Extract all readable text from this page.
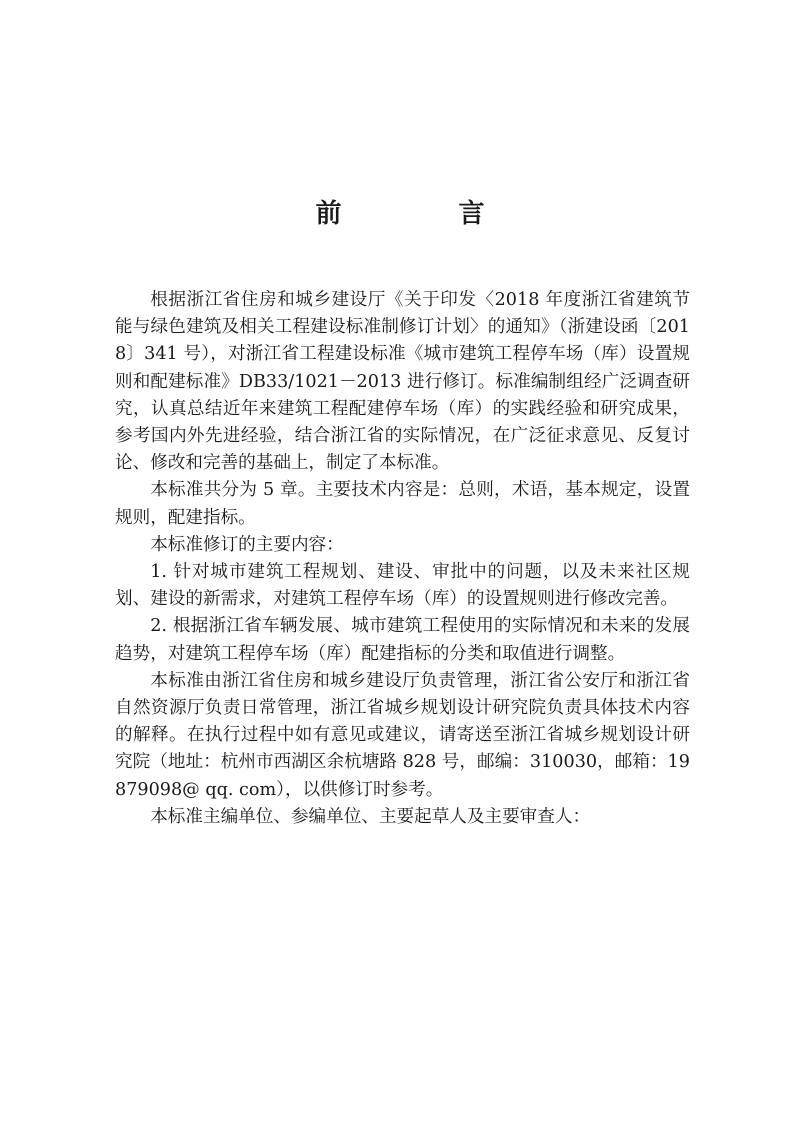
前 言

根据浙江省住房和城乡建设厅《关于印发〈2018 年度浙江省建筑节能与绿色建筑及相关工程建设标准制修订计划〉的通知》（浙建设函〔2018〕341 号），对浙江省工程建设标准《城市建筑工程停车场（库）设置规则和配建标准》DB33/1021－2013 进行修订。标准编制组经广泛调查研究，认真总结近年来建筑工程配建停车场（库）的实践经验和研究成果，参考国内外先进经验，结合浙江省的实际情况，在广泛征求意见、反复讨论、修改和完善的基础上，制定了本标准。

本标准共分为 5 章。主要技术内容是：总则，术语，基本规定，设置规则，配建指标。

本标准修订的主要内容：

1. 针对城市建筑工程规划、建设、审批中的问题，以及未来社区规划、建设的新需求，对建筑工程停车场（库）的设置规则进行修改完善。

2. 根据浙江省车辆发展、城市建筑工程使用的实际情况和未来的发展趋势，对建筑工程停车场（库）配建指标的分类和取值进行调整。

本标准由浙江省住房和城乡建设厅负责管理，浙江省公安厅和浙江省自然资源厅负责日常管理，浙江省城乡规划设计研究院负责具体技术内容的解释。在执行过程中如有意见或建议，请寄送至浙江省城乡规划设计研究院（地址：杭州市西湖区余杭塘路 828 号，邮编：310030，邮箱：19879098@ qq. com），以供修订时参考。

本标准主编单位、参编单位、主要起草人及主要审查人：
